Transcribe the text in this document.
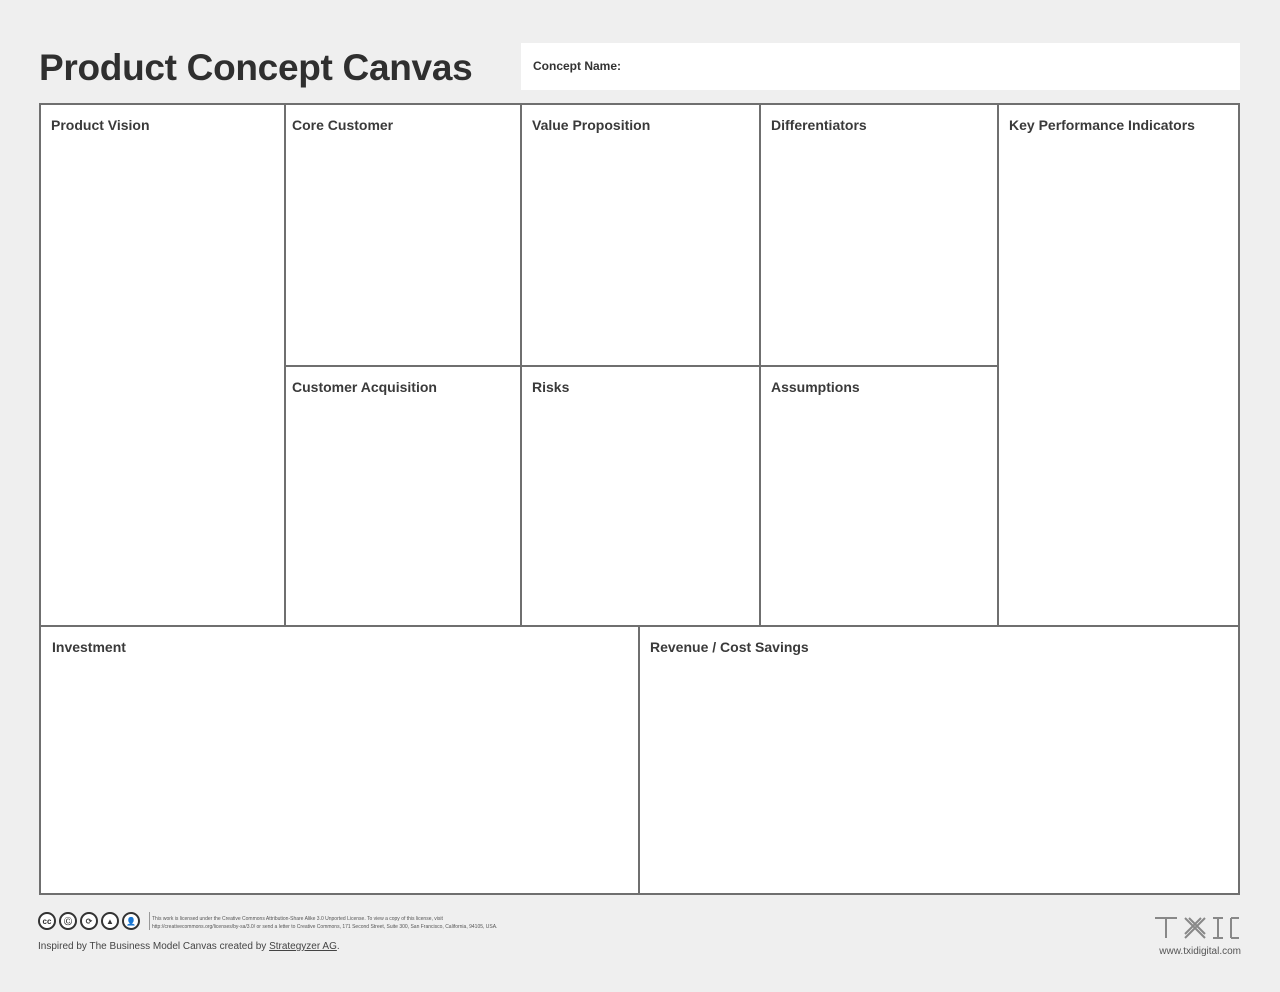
Product Concept Canvas	Concept Name:
Product Vision	Core Customer	Value Proposition	Differentiators	Key Performance Indicators
Customer Acquisition	Risks	Assumptions
Investment	Revenue / Cost Savings
cc	Ⓒ	⟳	▲	👤	This work is licensed under the Creative Commons Attribution-Share Alike 3.0 Unported License. To view a copy of this license, visit
http://creativecommons.org/licenses/by-sa/3.0/ or send a letter to Creative Commons, 171 Second Street, Suite 300, San Francisco, California, 94105, USA.
Inspired by The Business Model Canvas created by Strategyzer AG.	www.txidigital.com
